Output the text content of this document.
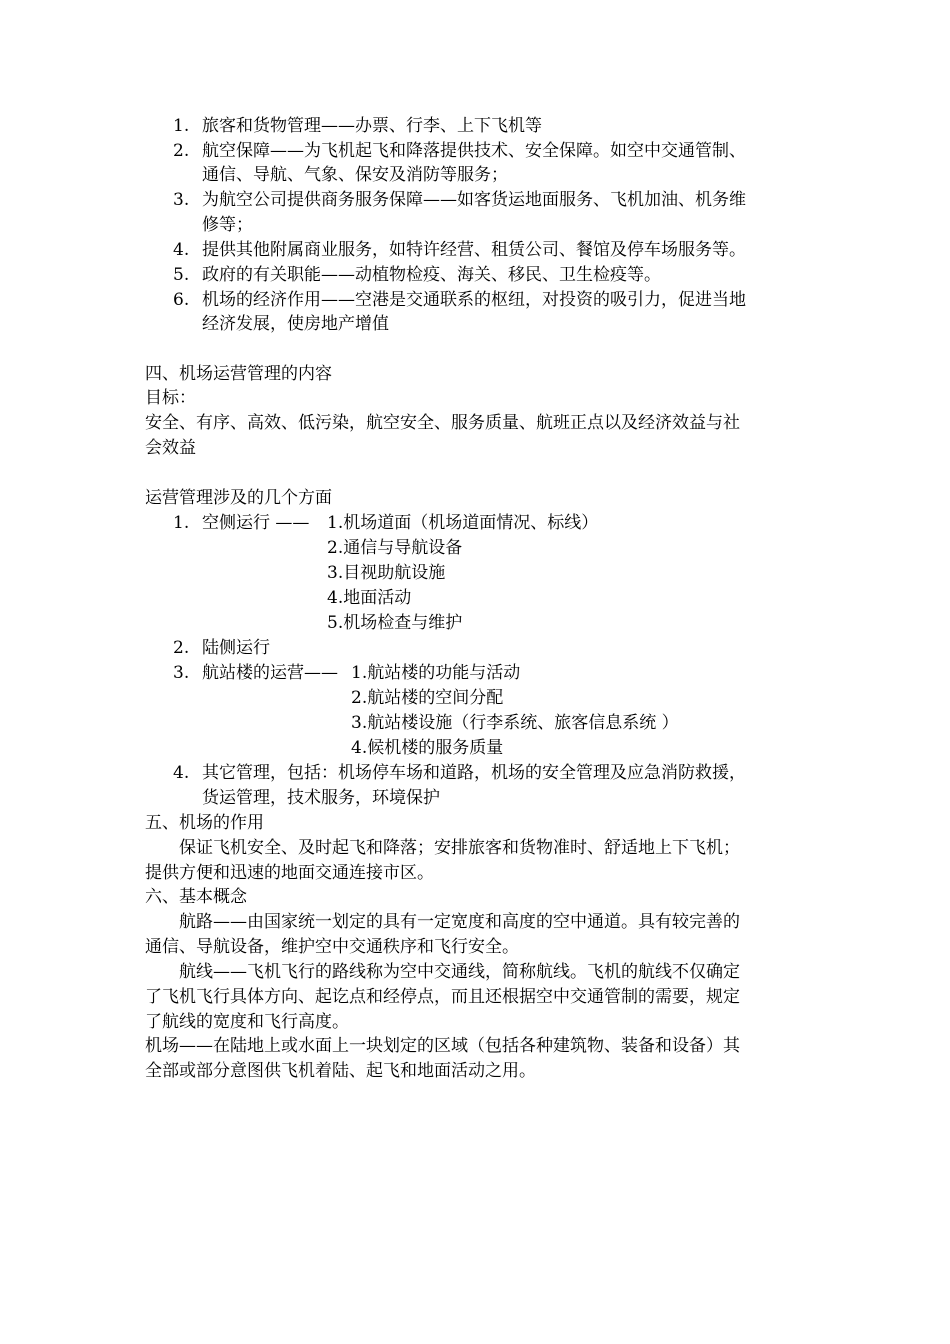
1. 旅客和货物管理——办票、行李、上下飞机等
2. 航空保障——为飞机起飞和降落提供技术、安全保障。如空中交通管制、
通信、导航、气象、保安及消防等服务；
3. 为航空公司提供商务服务保障——如客货运地面服务、飞机加油、机务维
修等；
4. 提供其他附属商业服务，如特许经营、租赁公司、餐馆及停车场服务等。
5. 政府的有关职能——动植物检疫、海关、移民、卫生检疫等。
6. 机场的经济作用——空港是交通联系的枢纽，对投资的吸引力，促进当地
经济发展，使房地产增值
四、机场运营管理的内容
目标：
安全、有序、高效、低污染，航空安全、服务质量、航班正点以及经济效益与社
会效益
运营管理涉及的几个方面
1. 空侧运行 —— 1.机场道面（机场道面情况、标线）
2.通信与导航设备
3.目视助航设施
4.地面活动
5.机场检查与维护
2. 陆侧运行
3. 航站楼的运营—— 1.航站楼的功能与活动
2.航站楼的空间分配
3.航站楼设施（行李系统、旅客信息系统 ）
4.候机楼的服务质量
4. 其它管理，包括：机场停车场和道路，机场的安全管理及应急消防救援，
货运管理，技术服务，环境保护
五、机场的作用
保证飞机安全、及时起飞和降落；安排旅客和货物准时、舒适地上下飞机；
提供方便和迅速的地面交通连接市区。
六、基本概念
航路——由国家统一划定的具有一定宽度和高度的空中通道。具有较完善的
通信、导航设备，维护空中交通秩序和飞行安全。
航线——飞机飞行的路线称为空中交通线，简称航线。飞机的航线不仅确定
了飞机飞行具体方向、起讫点和经停点，而且还根据空中交通管制的需要，规定
了航线的宽度和飞行高度。
机场——在陆地上或水面上一块划定的区域（包括各种建筑物、装备和设备）其
全部或部分意图供飞机着陆、起飞和地面活动之用。
